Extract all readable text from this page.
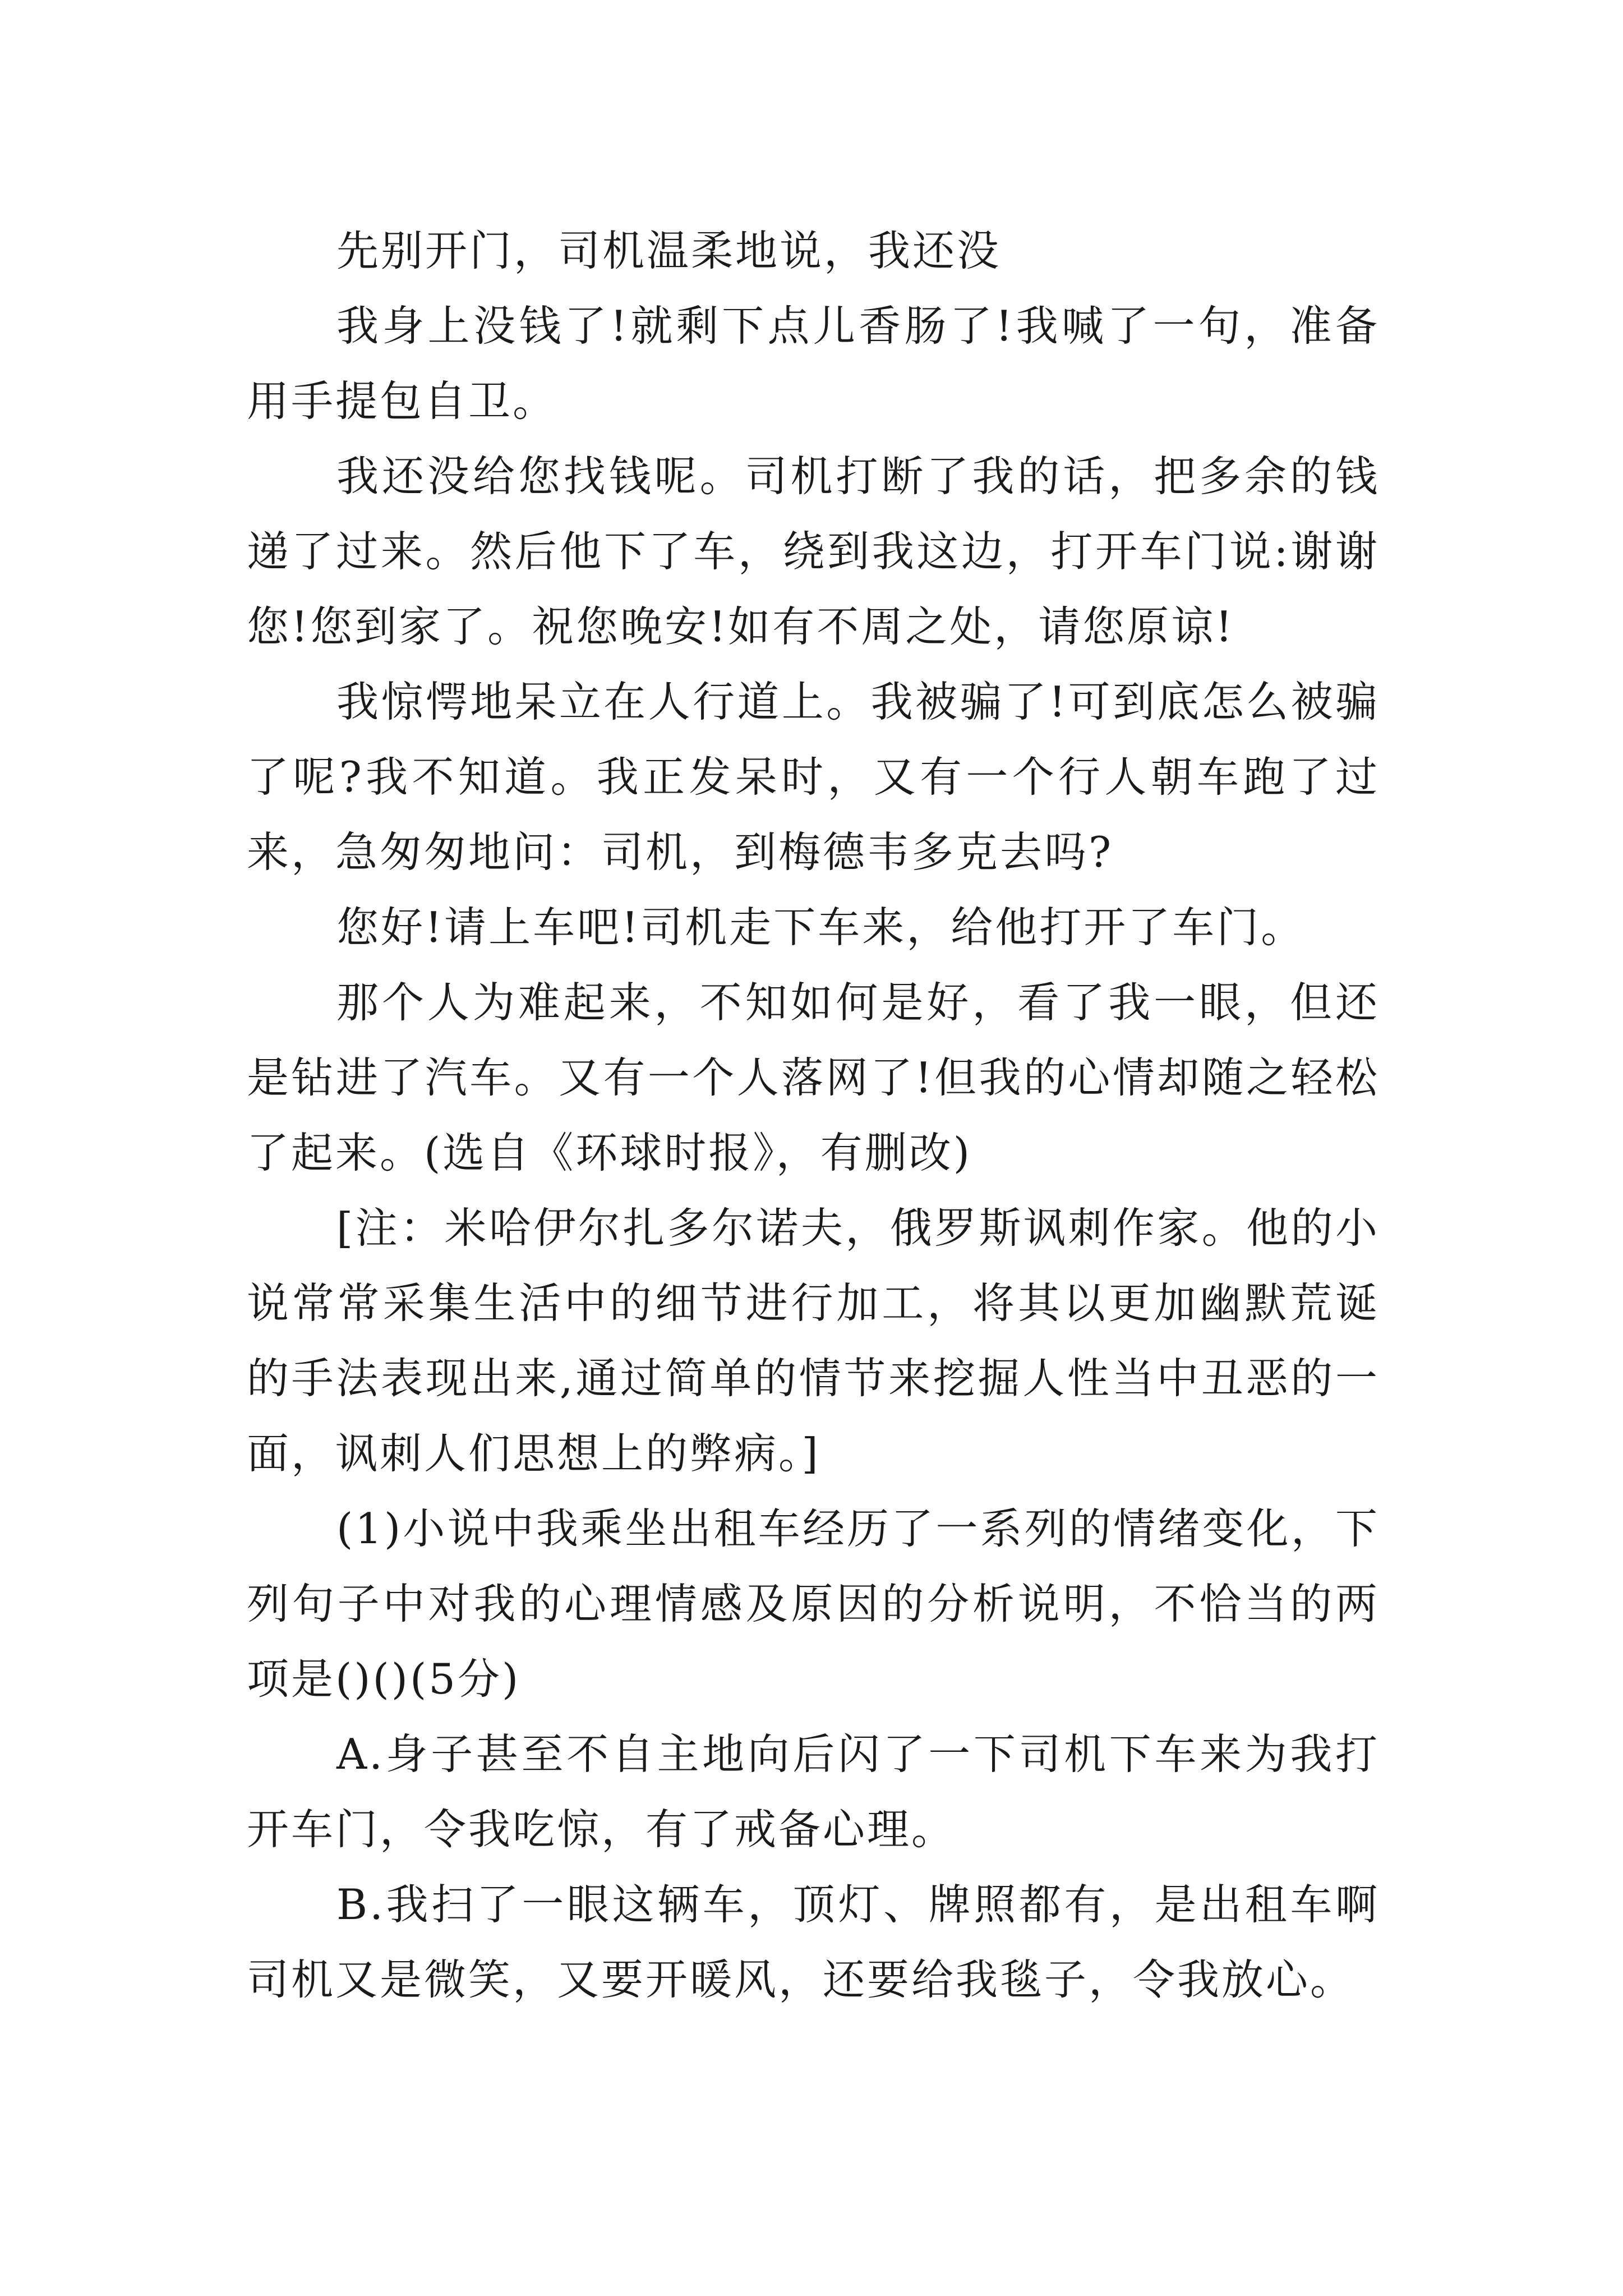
先别开门，司机温柔地说，我还没

我身上没钱了!就剩下点儿香肠了!我喊了一句，准备用手提包自卫。

我还没给您找钱呢。司机打断了我的话，把多余的钱递了过来。然后他下了车，绕到我这边，打开车门说:谢谢您!您到家了。祝您晚安!如有不周之处，请您原谅!

我惊愕地呆立在人行道上。我被骗了!可到底怎么被骗了呢?我不知道。我正发呆时，又有一个行人朝车跑了过来，急匆匆地问：司机，到梅德韦多克去吗?

您好!请上车吧!司机走下车来，给他打开了车门。

那个人为难起来，不知如何是好，看了我一眼，但还是钻进了汽车。又有一个人落网了!但我的心情却随之轻松了起来。(选自《环球时报》，有删改)

[注：米哈伊尔扎多尔诺夫，俄罗斯讽刺作家。他的小说常常采集生活中的细节进行加工，将其以更加幽默荒诞的手法表现出来,通过简单的情节来挖掘人性当中丑恶的一面，讽刺人们思想上的弊病。]

(1)小说中我乘坐出租车经历了一系列的情绪变化，下列句子中对我的心理情感及原因的分析说明，不恰当的两项是()()(5分)

A.身子甚至不自主地向后闪了一下司机下车来为我打开车门，令我吃惊，有了戒备心理。

B.我扫了一眼这辆车，顶灯、牌照都有，是出租车啊司机又是微笑，又要开暖风，还要给我毯子，令我放心。
